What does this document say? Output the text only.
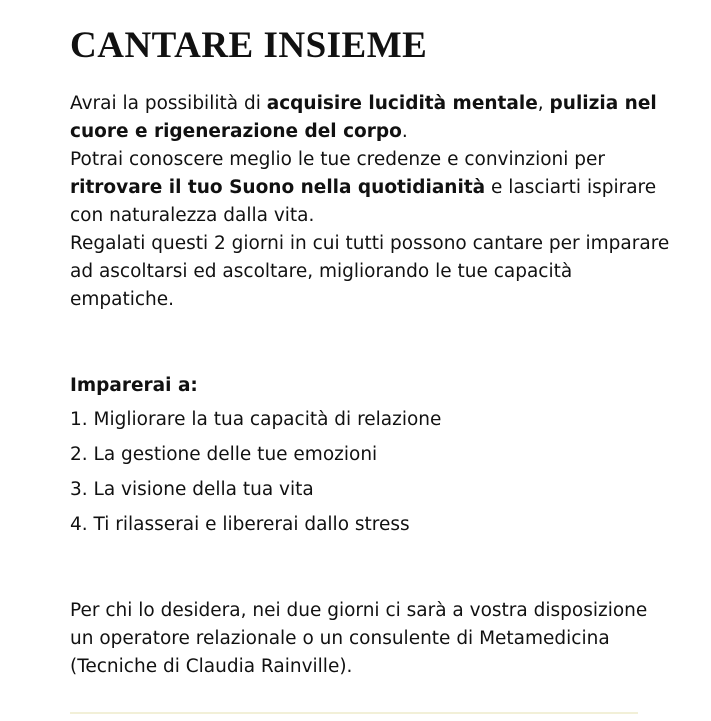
CANTARE INSIEME

Avrai la possibilità di acquisire lucidità mentale, pulizia nel cuore e rigenerazione del corpo.

Potrai conoscere meglio le tue credenze e convinzioni per ritrovare il tuo Suono nella quotidianità e lasciarti ispirare con naturalezza dalla vita.

Regalati questi 2 giorni in cui tutti possono cantare per imparare ad ascoltarsi ed ascoltare, migliorando le tue capacità empatiche.

Imparerai a:

1. Migliorare la tua capacità di relazione
2. La gestione delle tue emozioni
3. La visione della tua vita
4. Ti rilasserai e libererai dallo stress

Per chi lo desidera, nei due giorni ci sarà a vostra disposizione un operatore relazionale o un consulente di Metamedicina (Tecniche di Claudia Rainville).
